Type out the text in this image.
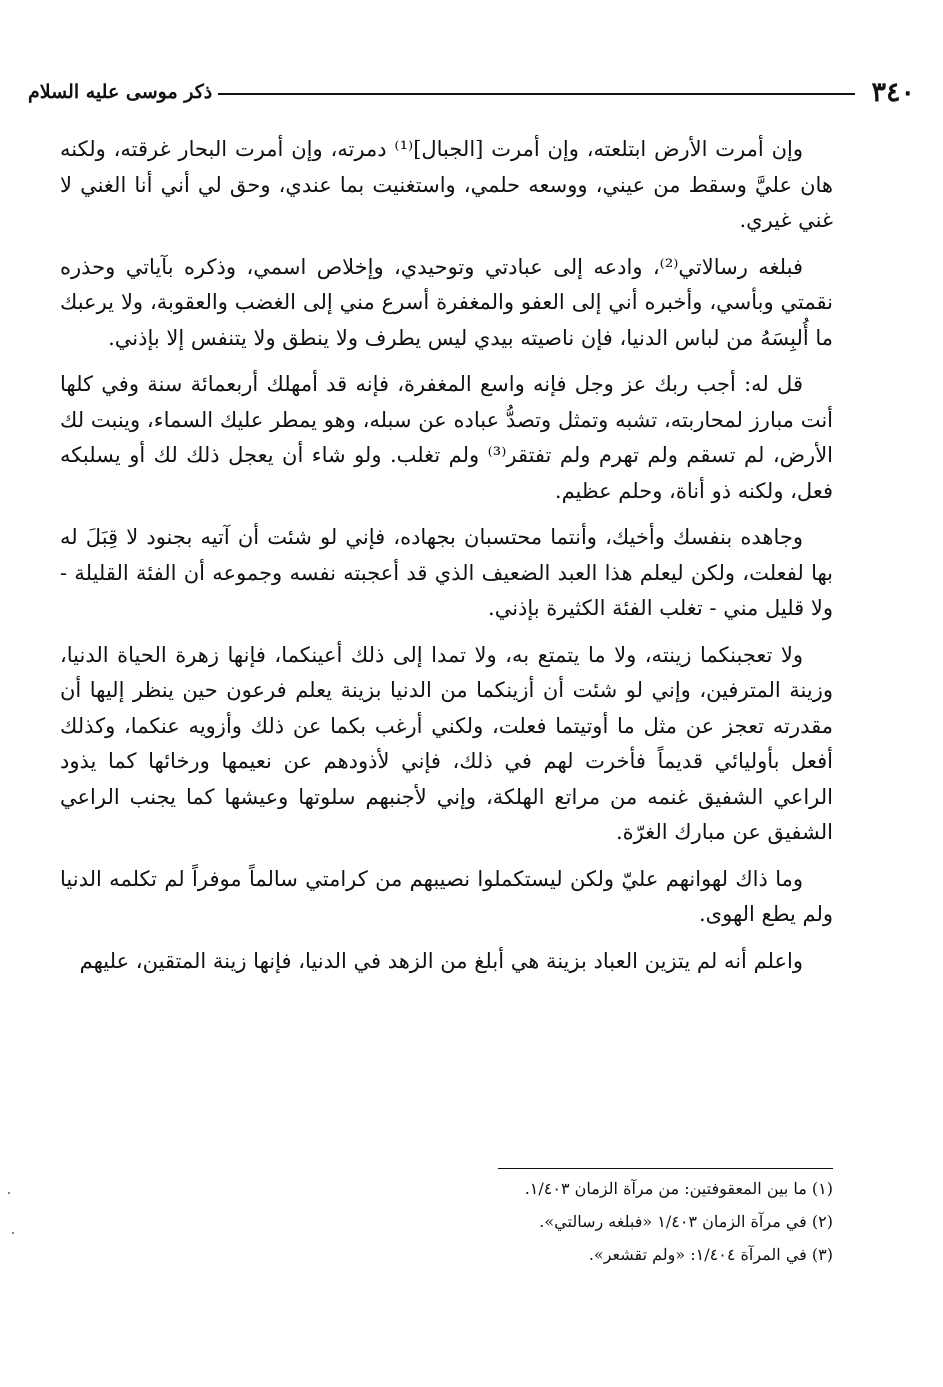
٣٤٠
ذكر موسى عليه السلام

وإن أمرت الأرض ابتلعته، وإن أمرت [الجبال]⁽¹⁾ دمرته، وإن أمرت البحار غرقته، ولكنه هان عليَّ وسقط من عيني، ووسعه حلمي، واستغنيت بما عندي، وحق لي أني أنا الغني لا غني غيري.

فبلغه رسالاتي⁽²⁾، وادعه إلى عبادتي وتوحيدي، وإخلاص اسمي، وذكره بآياتي وحذره نقمتي وبأسي، وأخبره أني إلى العفو والمغفرة أسرع مني إلى الغضب والعقوبة، ولا يرعبك ما أُلبِسَهُ من لباس الدنيا، فإن ناصيته بيدي ليس يطرف ولا ينطق ولا يتنفس إلا بإذني.

قل له: أجب ربك عز وجل فإنه واسع المغفرة، فإنه قد أمهلك أربعمائة سنة وفي كلها أنت مبارز لمحاربته، تشبه وتمثل وتصدُّ عباده عن سبله، وهو يمطر عليك السماء، وينبت لك الأرض، لم تسقم ولم تهرم ولم تفتقر⁽³⁾ ولم تغلب. ولو شاء أن يعجل ذلك لك أو يسلبكه فعل، ولكنه ذو أناة، وحلم عظيم.

وجاهده بنفسك وأخيك، وأنتما محتسبان بجهاده، فإني لو شئت أن آتيه بجنود لا قِبَلَ له بها لفعلت، ولكن ليعلم هذا العبد الضعيف الذي قد أعجبته نفسه وجموعه أن الفئة القليلة - ولا قليل مني - تغلب الفئة الكثيرة بإذني.

ولا تعجبنكما زينته، ولا ما يتمتع به، ولا تمدا إلى ذلك أعينكما، فإنها زهرة الحياة الدنيا، وزينة المترفين، وإني لو شئت أن أزينكما من الدنيا بزينة يعلم فرعون حين ينظر إليها أن مقدرته تعجز عن مثل ما أوتيتما فعلت، ولكني أرغب بكما عن ذلك وأزويه عنكما، وكذلك أفعل بأوليائي قديماً فأخرت لهم في ذلك، فإني لأذودهم عن نعيمها ورخائها كما يذود الراعي الشفيق غنمه من مراتع الهلكة، وإني لأجنبهم سلوتها وعيشها كما يجنب الراعي الشفيق عن مبارك الغرّة.

وما ذاك لهوانهم عليّ ولكن ليستكملوا نصيبهم من كرامتي سالماً موفراً لم تكلمه الدنيا ولم يطع الهوى.

واعلم أنه لم يتزين العباد بزينة هي أبلغ من الزهد في الدنيا، فإنها زينة المتقين، عليهم

(١) ما بين المعقوفتين: من مرآة الزمان ١/٤٠٣.
(٢) في مرآة الزمان ١/٤٠٣ «فبلغه رسالتي».
(٣) في المرآة ١/٤٠٤: «ولم تقشعر».
